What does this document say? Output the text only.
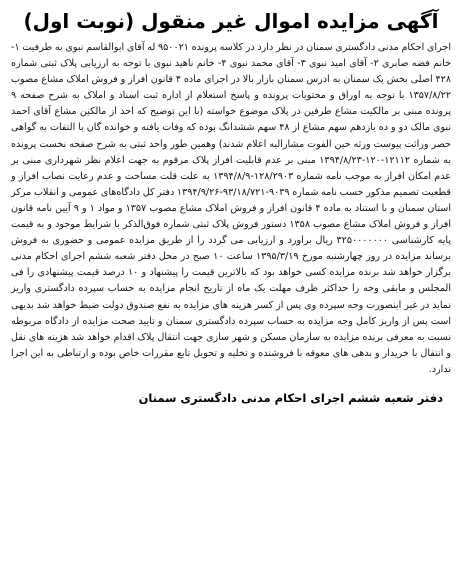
آگهی مزایده اموال غیر منقول (نوبت اول)

اجرای احکام مدنی دادگستری سمنان در نظر دارد در کلاسه پرونده ۹۵۰۰۲۱ له آقای ابوالقاسم نبوی به طرفیت ۱- خانم فضه صابری ۲- آقای امید نبوی ۳- آقای محمد نبوی ۴- خانم ناهید نبوی با توجه به ارزیابی پلاک ثبتی شماره ۴۲۸ اصلی بخش یک سمنان به ادرس سمنان بازار بالا در اجرای ماده ۴ قانون افراز و فروش املاک مشاع مصوب ۱۳۵۷/۸/۲۲ با توجه به اوراق و محتویات پرونده و پاسخ استعلام از اداره ثبت اسناد و املاک به شرح صفحه ۹ پرونده مبنی بر مالکیت مشاع طرفین در پلاک موضوع خواسته (با این توضیح که احد از مالکین مشاع آقای احمد نبوی مالک دو و ده یازدهم سهم مشاع از ۴۸ سهم ششدانگ بوده که وفات یافته و خوانده گان با التفات به گواهی حصر وراثت پیوست ورثه حین الفوت مشارالیه اعلام شدند) وهمین طور واحد ثبتی به شرح صفحه نخست پرونده به شماره ۱۲۱۱۲-۱۲۰-۱۳۹۴/۸/۲۳ مبنی بر عدم قابلیت افراز پلاک مرقوم به جهت اعلام نظر شهرداری مبنی بر عدم امکان افراز به موجب نامه شماره ۱۲۸/۲۹۰۳-۱۳۹۴/۸/۹ به علت قلت مساحت و عدم رعایت نصاب افراز و قطعیت تصمیم مذکور حسب نامه شماره ۹۰۳۹-۹۳/۱۸/۷۲۱-۱۳۹۴/۹/۲۶ دفتر کل دادگاه‌های عمومی و انقلاب مرکز استان سمنان و با استناد به ماده ۴ قانون افراز و فروش املاک مشاع مصوب ۱۳۵۷ و مواد ۱ و ۹ آیین نامه قانون افراز و فروش املاک مشاع مصوب ۱۳۵۸ دستور فروش پلاک ثبتی شماره فوق‌الذکر با شرایط موجود و به قیمت پایه کارشناسی ۳۲۵۰۰۰۰۰۰۰ ریال براورد و ارزیابی می گردد را از طریق مزایده عمومی و حضوری به فروش برساند مزایده در روز چهارشنبه مورخ ۱۳۹۵/۳/۱۹ ساعت ۱۰ صبح در محل دفتر شعبه ششم اجرای احکام مدنی برگزار خواهد شد برنده مزایده کسی خواهد بود که بالاترین قیمت را پیشنهاد و ۱۰ درصد قیمت پیشنهادی را فی المجلس و مابقی وجه را حداکثر ظرف مهلت یک ماه از تاریخ انجام مزایده به حساب سپرده دادگستری واریز نماید در غیر اینصورت وجه سپرده وی پس از کسر هزینه های مزایده به نفع صندوق دولت ضبط خواهد شد بدیهی است پس از واریز کامل وجه مزایده به حساب سپرده دادگستری سمنان و تایید صحت مزایده از دادگاه مربوطه نسبت به معرفی برنده مزایده به سازمان مسکن و شهر سازی جهت انتقال پلاک اقدام خواهد شد هزینه های نقل و انتقال با خریدار و بدهی های معوقه با فروشنده و تخلیه و تحویل تابع مقررات خاص بوده و ارتباطی به این اجرا ندارد.

دفتر شعبه ششم اجرای احکام مدنی دادگستری سمنان
